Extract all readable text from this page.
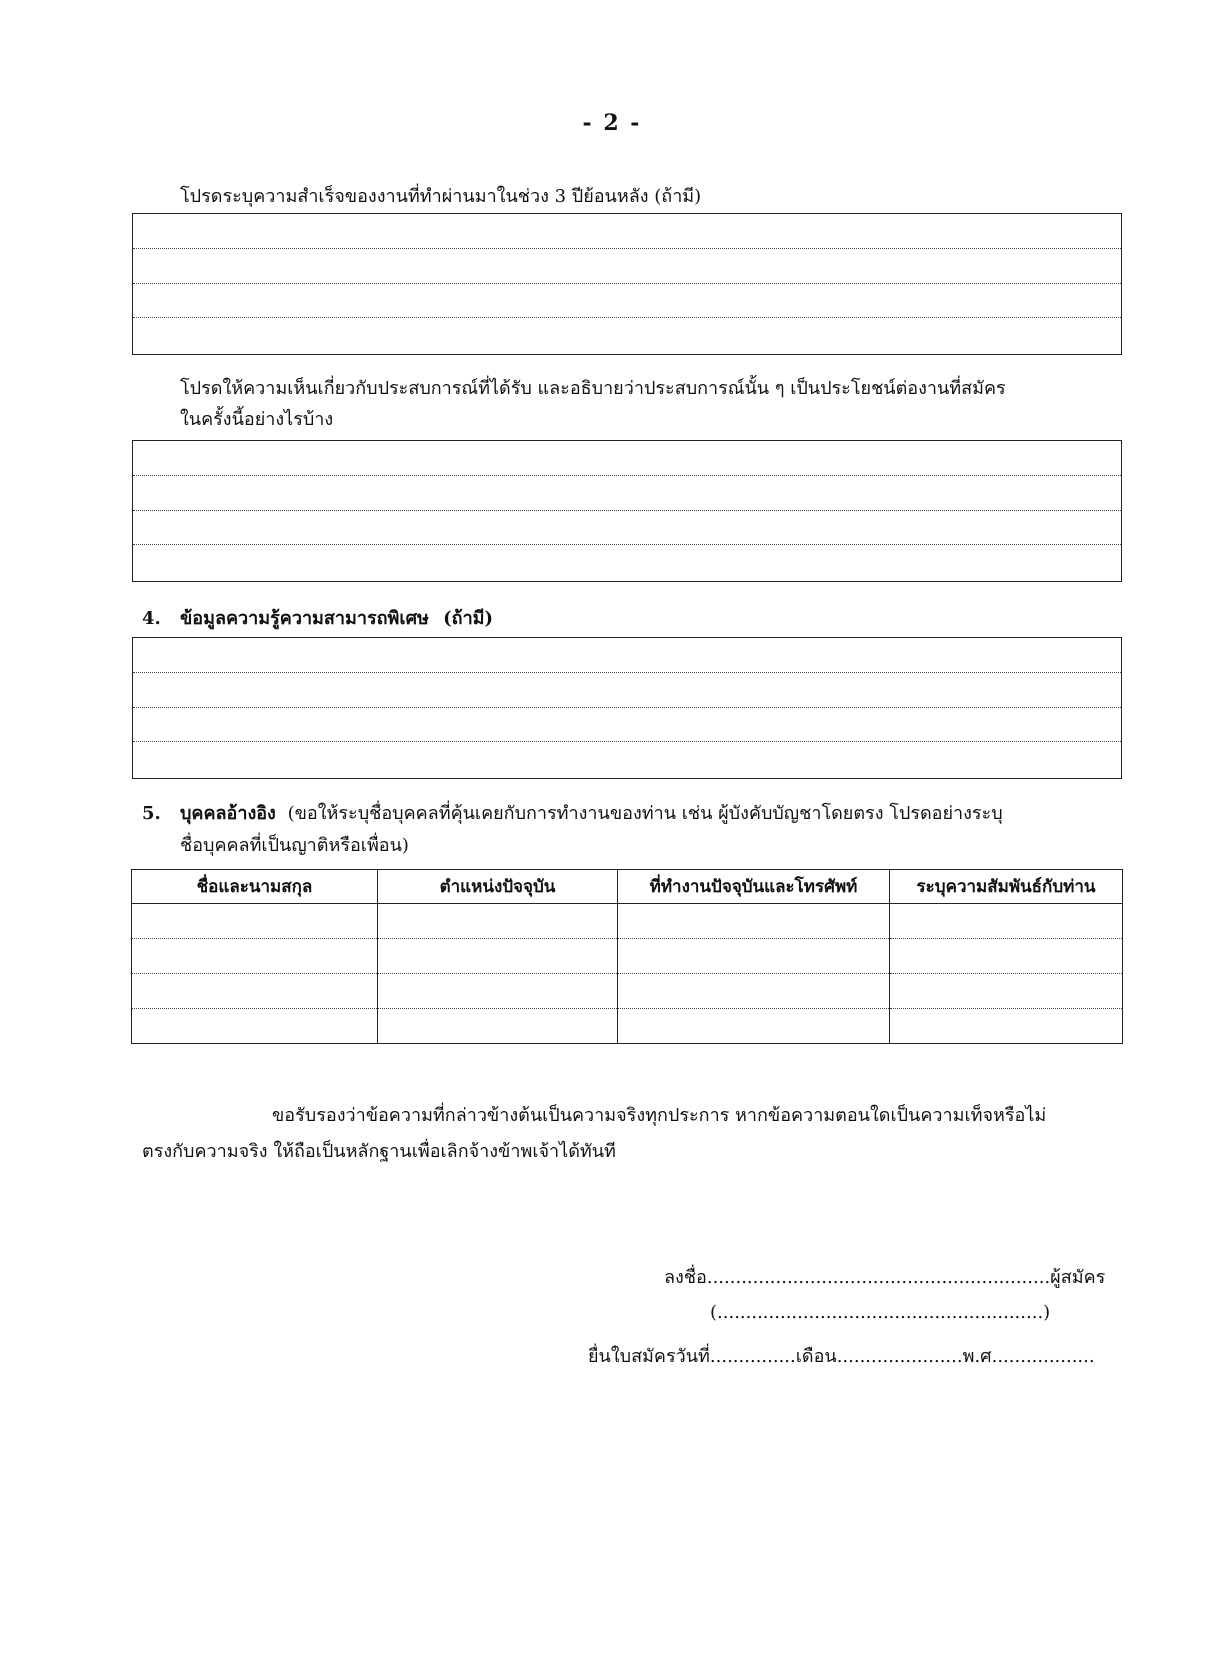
- 2 -
โปรดระบุความสำเร็จของงานที่ทำผ่านมาในช่วง 3 ปีย้อนหลัง (ถ้ามี)
โปรดให้ความเห็นเกี่ยวกับประสบการณ์ที่ได้รับ และอธิบายว่าประสบการณ์นั้น ๆ เป็นประโยชน์ต่องานที่สมัคร
ในครั้งนี้อย่างไรบ้าง
4. ข้อมูลความรู้ความสามารถพิเศษ (ถ้ามี)
5. บุคคลอ้างอิง (ขอให้ระบุชื่อบุคคลที่คุ้นเคยกับการทำงานของท่าน เช่น ผู้บังคับบัญชาโดยตรง โปรดอย่างระบุ
ชื่อบุคคลที่เป็นญาติหรือเพื่อน)
ชื่อและนามสกุล	ตำแหน่งปัจจุบัน	ที่ทำงานปัจจุบันและโทรศัพท์	ระบุความสัมพันธ์กับท่าน

ขอรับรองว่าข้อความที่กล่าวข้างต้นเป็นความจริงทุกประการ หากข้อความตอนใดเป็นความเท็จหรือไม่
ตรงกับความจริง ให้ถือเป็นหลักฐานเพื่อเลิกจ้างข้าพเจ้าได้ทันที
ลงชื่อ............................................................ผู้สมัคร
(.........................................................)
ยื่นใบสมัครวันที่...............เดือน......................พ.ศ..................
